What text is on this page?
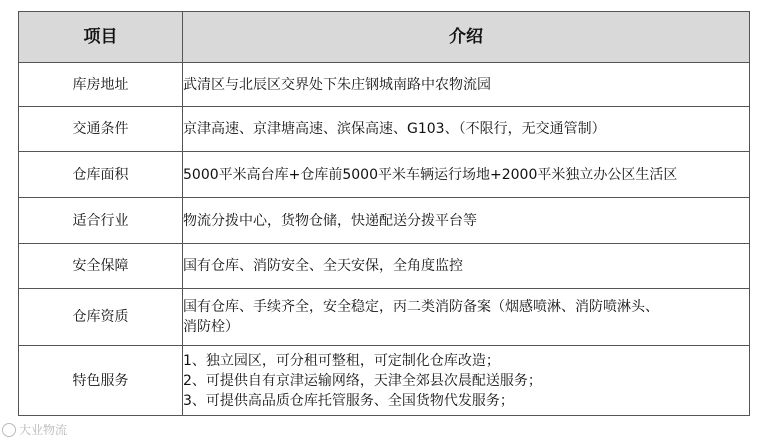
项目	介绍
库房地址	武清区与北辰区交界处下朱庄钢城南路中农物流园

交通条件	京津高速、京津塘高速、滨保高速、G103、（不限行，无交通管制）

仓库面积	5000平米高台库+仓库前5000平米车辆运行场地+2000平米独立办公区生活区

适合行业	物流分拨中心，货物仓储，快递配送分拨平台等

安全保障	国有仓库、消防安全、全天安保，全角度监控

仓库资质	国有仓库、手续齐全，安全稳定，丙二类消防备案（烟感喷淋、消防喷淋头、
消防栓）

特色服务	1、独立园区，可分租可整租，可定制化仓库改造；
2、可提供自有京津运输网络，天津全郊县次晨配送服务；
3、可提供高品质仓库托管服务、全国货物代发服务；
大业物流
